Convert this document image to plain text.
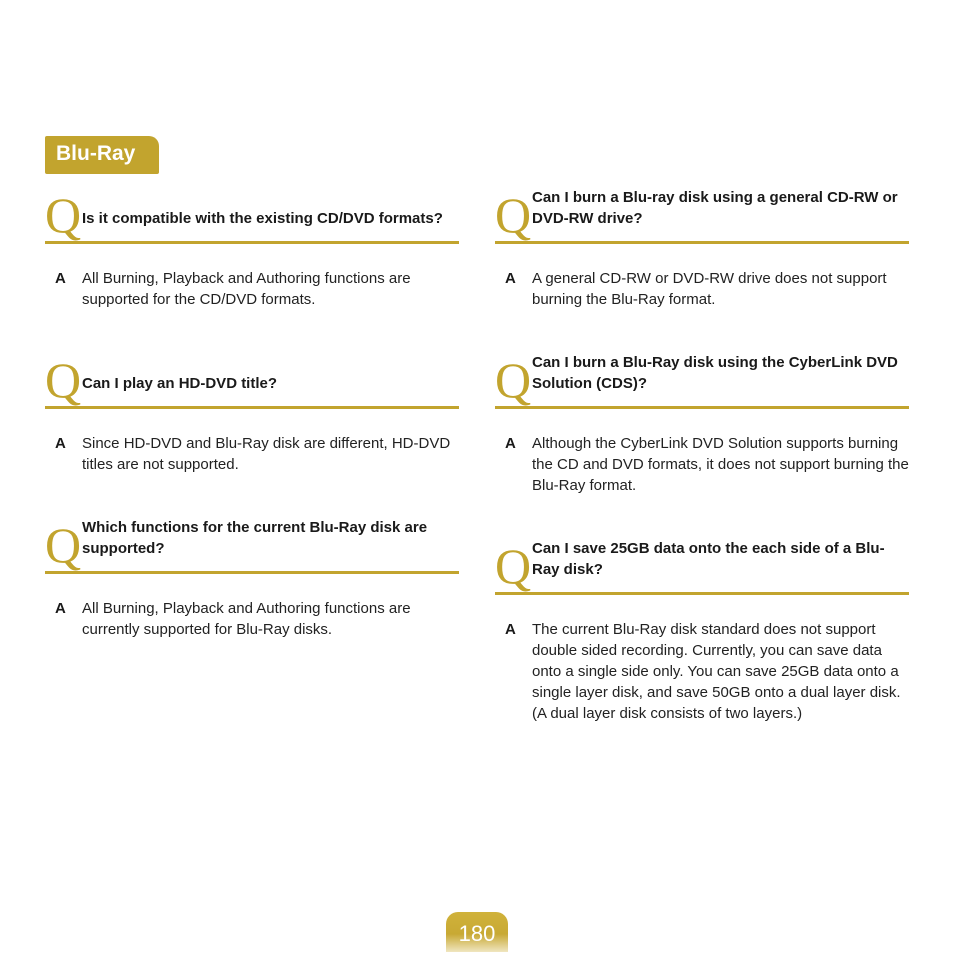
Blu-Ray
Q Is it compatible with the existing CD/DVD formats?
A All Burning, Playback and Authoring functions are supported for the CD/DVD formats.
Q Can I play an HD-DVD title?
A Since HD-DVD and Blu-Ray disk are different, HD-DVD titles are not supported.
Q Which functions for the current Blu-Ray disk are supported?
A All Burning, Playback and Authoring functions are currently supported for Blu-Ray disks.
Q Can I burn a Blu-ray disk using a general CD-RW or DVD-RW drive?
A A general CD-RW or DVD-RW drive does not support burning the Blu-Ray format.
Q Can I burn a Blu-Ray disk using the CyberLink DVD Solution (CDS)?
A Although the CyberLink DVD Solution supports burning the CD and DVD formats, it does not support burning the Blu-Ray format.
Q Can I save 25GB data onto the each side of a Blu-Ray disk?
A The current Blu-Ray disk standard does not support double sided recording. Currently, you can save data onto a single side only. You can save 25GB data onto a single layer disk, and save 50GB onto a dual layer disk. (A dual layer disk consists of two layers.)
180
